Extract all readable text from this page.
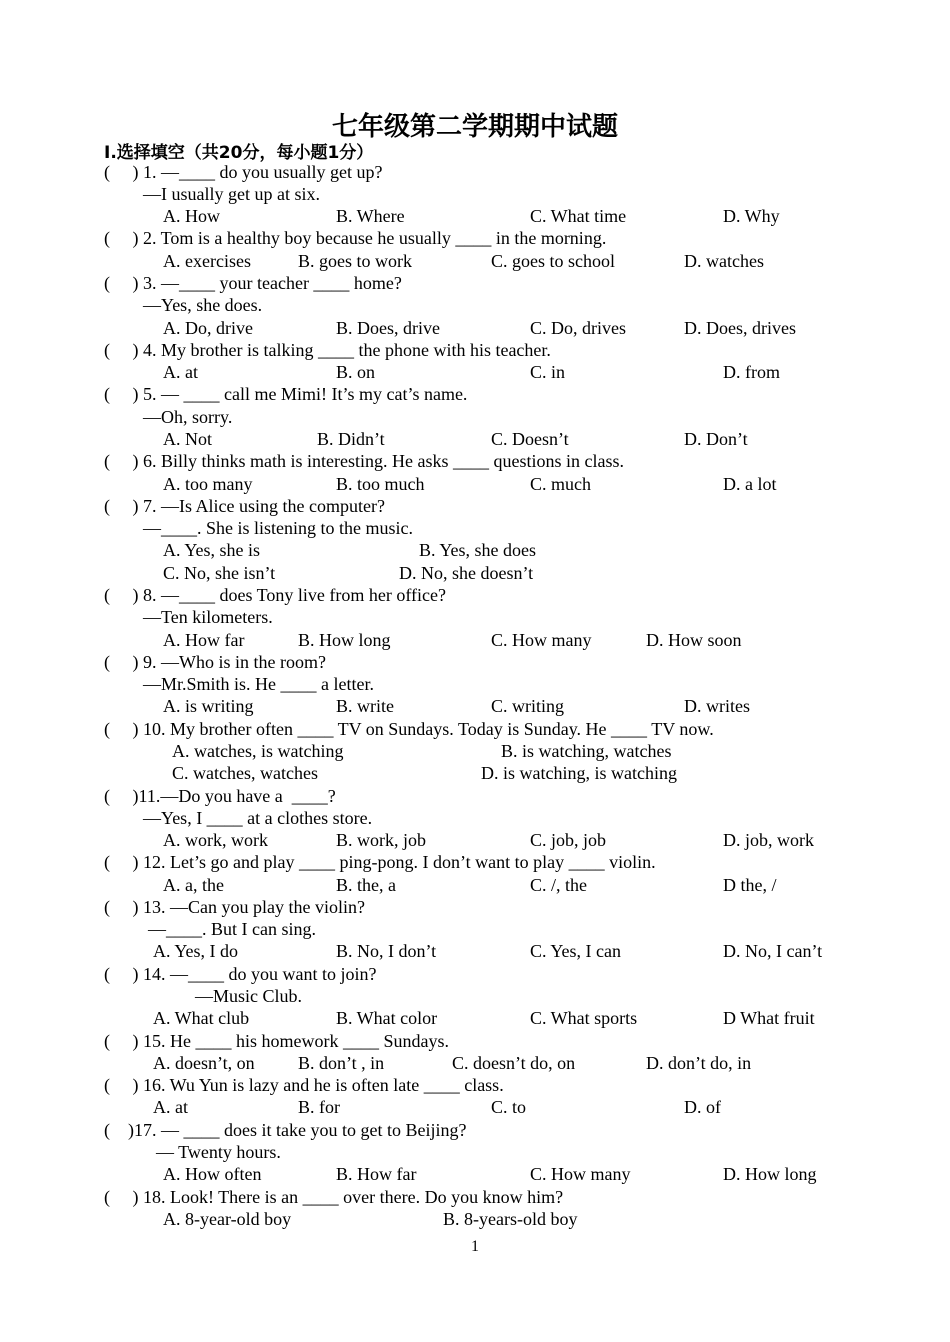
七年级第二学期期中试题
Ⅰ.选择填空（共20分，每小题1分）
(     ) 1. —____ do you usually get up?
—I usually get up at six.
(     ) 2. Tom is a healthy boy because he usually ____ in the morning.
(     ) 3. —____ your teacher ____ home?
—Yes, she does.
(     ) 4. My brother is talking ____ the phone with his teacher.
(     ) 5. — ____ call me Mimi! It’s my cat’s name.
—Oh, sorry.
(     ) 6. Billy thinks math is interesting. He asks ____ questions in class.
(     ) 7. —Is Alice using the computer?
—____. She is listening to the music.
(     ) 8. —____ does Tony live from her office?
—Ten kilometers.
(     ) 9. —Who is in the room?
—Mr.Smith is. He ____ a letter.
(     ) 10. My brother often ____ TV on Sundays. Today is Sunday. He ____ TV now.
(     )11.—Do you have a  ____?
—Yes, I ____ at a clothes store.
(     ) 12. Let’s go and play ____ ping-pong. I don’t want to play ____ violin.
(     ) 13. —Can you play the violin?
—____. But I can sing.
(     ) 14. —____ do you want to join?
—Music Club.
(     ) 15. He ____ his homework ____ Sundays.
(     ) 16. Wu Yun is lazy and he is often late ____ class.
(    )17. — ____ does it take you to get to Beijing?
— Twenty hours.
(     ) 18. Look! There is an ____ over there. Do you know him?
A. How	B. Where	C. What time	D. Why
A. exercises	B. goes to work	C. goes to school	D. watches
A. Do, drive	B. Does, drive	C. Do, drives	D. Does, drives
A. at	B. on	C. in	D. from
A. Not	B. Didn’t	C. Doesn’t	D. Don’t
A. too many	B. too much	C. much	D. a lot
A. Yes, she is	B. Yes, she does
C. No, she isn’t	D. No, she doesn’t
A. How far	B. How long	C. How many	D. How soon
A. is writing	B. write	C. writing	D. writes
A. watches, is watching	B. is watching, watches
C. watches, watches	D. is watching, is watching
A. work, work	B. work, job	C. job, job	D. job, work
A. a, the	B. the, a	C. /, the	D the, /
A. Yes, I do	B. No, I don’t	C. Yes, I can	D. No, I can’t
A. What club	B. What color	C. What sports	D What fruit
A. doesn’t, on B. don’t , in	C. doesn’t do, on	D. don’t do, in
A. at	B. for	C. to	D. of
A. How often	B. How far	C. How many	D. How long
A. 8-year-old boy	B. 8-years-old boy
1
